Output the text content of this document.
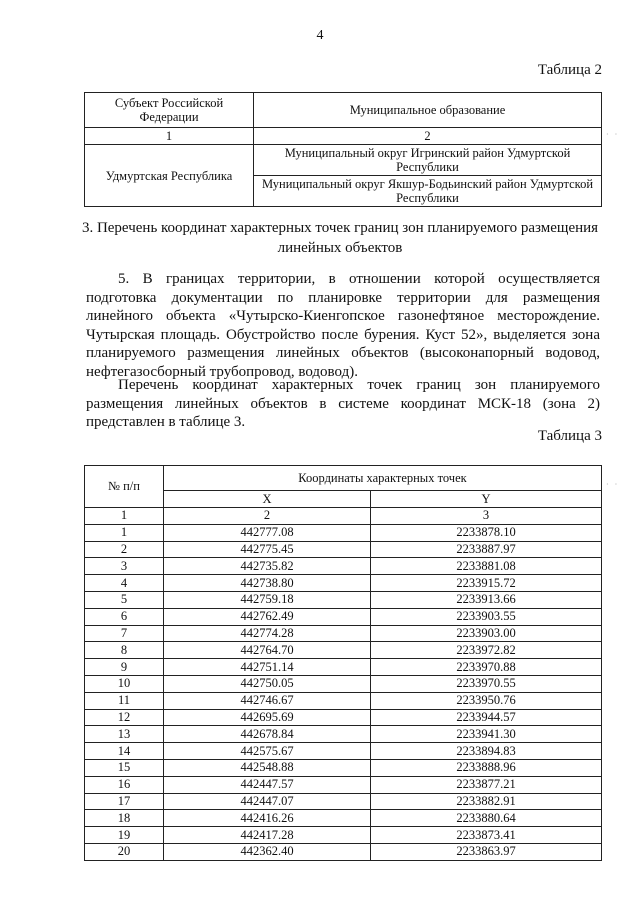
4
Таблица 2
Субъект Российской Федерации	Муниципальное образование
1	2
Удмуртская Республика	Муниципальный округ Игринский район Удмуртской Республики
	Муниципальный округ Якшур-Бодьинский район Удмуртской Республики
· ·
· ·
3. Перечень координат характерных точек границ зон планируемого размещения линейных объектов
5. В границах территории, в отношении которой осуществляется подготовка документации по планировке территории для размещения линейного объекта «Чутырско-Киенгопское газонефтяное месторождение. Чутырская площадь. Обустройство после бурения. Куст 52», выделяется зона планируемого размещения линейных объектов (высоконапорный водовод, нефтегазосборный трубопровод, водовод).
Перечень координат характерных точек границ зон планируемого размещения линейных объектов в системе координат МСК-18 (зона 2) представлен в таблице 3.
Таблица 3
№ п/п	Координаты характерных точек	
	X	Y
1	2	3
1	442777.08	2233878.10
2	442775.45	2233887.97
3	442735.82	2233881.08
4	442738.80	2233915.72
5	442759.18	2233913.66
6	442762.49	2233903.55
7	442774.28	2233903.00
8	442764.70	2233972.82
9	442751.14	2233970.88
10	442750.05	2233970.55
11	442746.67	2233950.76
12	442695.69	2233944.57
13	442678.84	2233941.30
14	442575.67	2233894.83
15	442548.88	2233888.96
16	442447.57	2233877.21
17	442447.07	2233882.91
18	442416.26	2233880.64
19	442417.28	2233873.41
20	442362.40	2233863.97
